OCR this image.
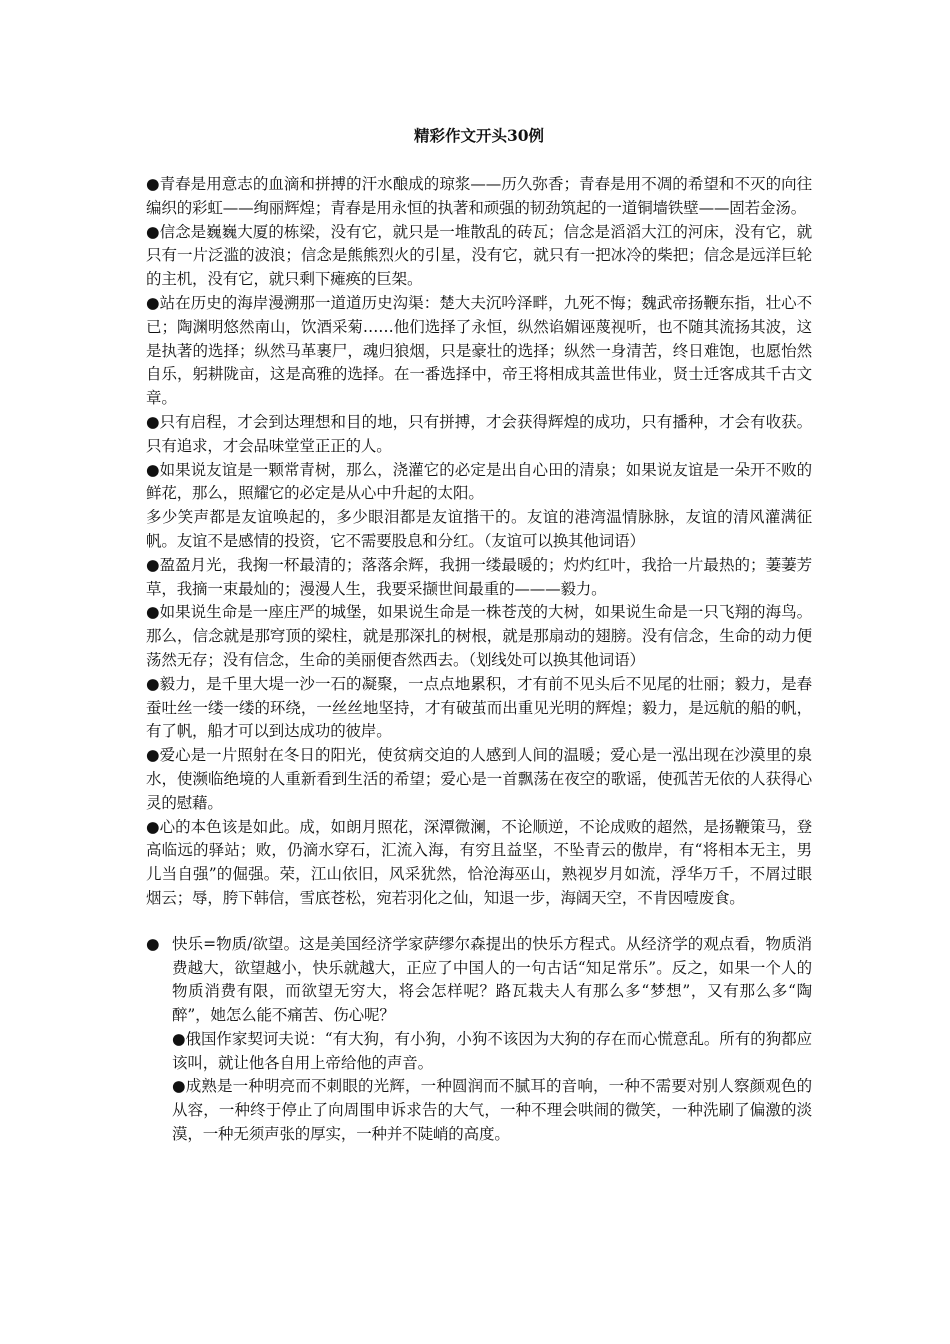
精彩作文开头30例

●青春是用意志的血滴和拼搏的汗水酿成的琼浆——历久弥香；青春是用不凋的希望和不灭的向往编织的彩虹——绚丽辉煌；青春是用永恒的执著和顽强的韧劲筑起的一道铜墙铁壁——固若金汤。

●信念是巍巍大厦的栋梁，没有它，就只是一堆散乱的砖瓦；信念是滔滔大江的河床，没有它，就只有一片泛滥的波浪；信念是熊熊烈火的引星，没有它，就只有一把冰冷的柴把；信念是远洋巨轮的主机，没有它，就只剩下瘫痪的巨架。

●站在历史的海岸漫溯那一道道历史沟渠：楚大夫沉吟泽畔，九死不悔；魏武帝扬鞭东指，壮心不已；陶渊明悠然南山，饮酒采菊……他们选择了永恒，纵然谄媚诬蔑视听，也不随其流扬其波，这是执著的选择；纵然马革裹尸，魂归狼烟，只是豪壮的选择；纵然一身清苦，终日难饱，也愿怡然自乐，躬耕陇亩，这是高雅的选择。在一番选择中，帝王将相成其盖世伟业，贤士迁客成其千古文章。

●只有启程，才会到达理想和目的地，只有拼搏，才会获得辉煌的成功，只有播种，才会有收获。只有追求，才会品味堂堂正正的人。

●如果说友谊是一颗常青树，那么，浇灌它的必定是出自心田的清泉；如果说友谊是一朵开不败的鲜花，那么，照耀它的必定是从心中升起的太阳。

多少笑声都是友谊唤起的，多少眼泪都是友谊揩干的。友谊的港湾温情脉脉，友谊的清风灌满征帆。友谊不是感情的投资，它不需要股息和分红。（友谊可以换其他词语）

●盈盈月光，我掬一杯最清的；落落余辉，我拥一缕最暖的；灼灼红叶，我拾一片最热的；萋萋芳草，我摘一束最灿的；漫漫人生，我要采撷世间最重的———毅力。

●如果说生命是一座庄严的城堡，如果说生命是一株苍茂的大树，如果说生命是一只飞翔的海鸟。那么，信念就是那穹顶的梁柱，就是那深扎的树根，就是那扇动的翅膀。没有信念，生命的动力便荡然无存；没有信念，生命的美丽便杳然西去。（划线处可以换其他词语）

●毅力，是千里大堤一沙一石的凝聚，一点点地累积，才有前不见头后不见尾的壮丽；毅力，是春蚕吐丝一缕一缕的环绕，一丝丝地坚持，才有破茧而出重见光明的辉煌；毅力，是远航的船的帆，有了帆，船才可以到达成功的彼岸。

●爱心是一片照射在冬日的阳光，使贫病交迫的人感到人间的温暖；爱心是一泓出现在沙漠里的泉水，使濒临绝境的人重新看到生活的希望；爱心是一首飘荡在夜空的歌谣，使孤苦无依的人获得心灵的慰藉。

●心的本色该是如此。成，如朗月照花，深潭微澜，不论顺逆，不论成败的超然，是扬鞭策马，登高临远的驿站；败，仍滴水穿石，汇流入海，有穷且益坚，不坠青云的傲岸，有“将相本无主，男儿当自强”的倔强。荣，江山依旧，风采犹然，恰沧海巫山，熟视岁月如流，浮华万千，不屑过眼烟云；辱，胯下韩信，雪底苍松，宛若羽化之仙，知退一步，海阔天空，不肯因噎废食。

● 快乐=物质/欲望。这是美国经济学家萨缪尔森提出的快乐方程式。从经济学的观点看，物质消费越大，欲望越小，快乐就越大，正应了中国人的一句古话“知足常乐”。反之，如果一个人的物质消费有限，而欲望无穷大，将会怎样呢？路瓦栽夫人有那么多“梦想”，又有那么多“陶醉”，她怎么能不痛苦、伤心呢？

●俄国作家契诃夫说：“有大狗，有小狗，小狗不该因为大狗的存在而心慌意乱。所有的狗都应该叫，就让他各自用上帝给他的声音。

●成熟是一种明亮而不刺眼的光辉，一种圆润而不腻耳的音响，一种不需要对别人察颜观色的从容，一种终于停止了向周围申诉求告的大气，一种不理会哄闹的微笑，一种洗刷了偏激的淡漠，一种无须声张的厚实，一种并不陡峭的高度。
